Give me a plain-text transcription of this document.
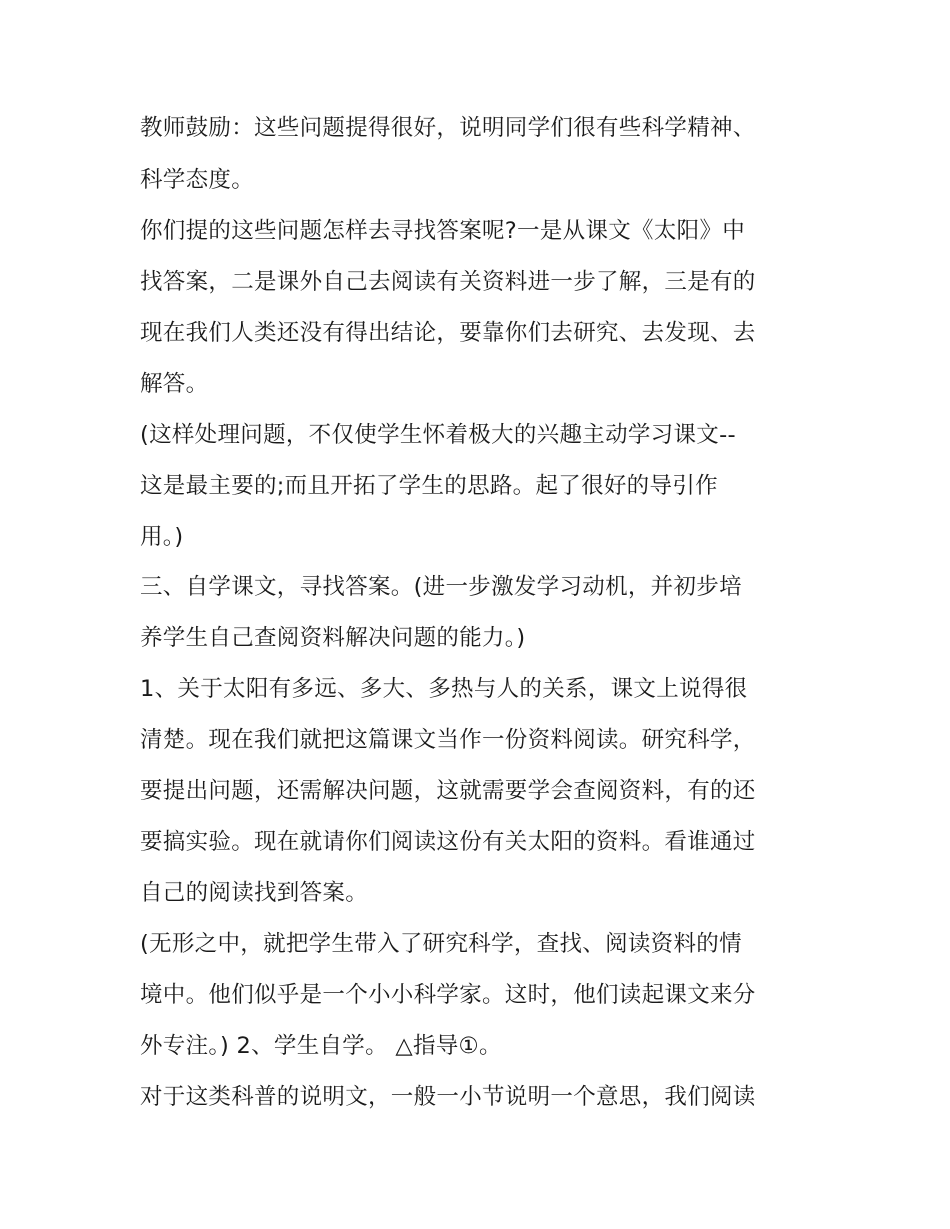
教师鼓励：这些问题提得很好，说明同学们很有些科学精神、
科学态度。
你们提的这些问题怎样去寻找答案呢?一是从课文《太阳》中
找答案，二是课外自己去阅读有关资料进一步了解，三是有的
现在我们人类还没有得出结论，要靠你们去研究、去发现、去
解答。
(这样处理问题，不仅使学生怀着极大的兴趣主动学习课文--
这是最主要的;而且开拓了学生的思路。起了很好的导引作
用。)
三、自学课文，寻找答案。(进一步激发学习动机，并初步培
养学生自己查阅资料解决问题的能力。)
1、关于太阳有多远、多大、多热与人的关系，课文上说得很
清楚。现在我们就把这篇课文当作一份资料阅读。研究科学，
要提出问题，还需解决问题，这就需要学会查阅资料，有的还
要搞实验。现在就请你们阅读这份有关太阳的资料。看谁通过
自己的阅读找到答案。
(无形之中，就把学生带入了研究科学，查找、阅读资料的情
境中。他们似乎是一个小小科学家。这时，他们读起课文来分
外专注。) 2、学生自学。 △指导①。
对于这类科普的说明文，一般一小节说明一个意思，我们阅读
